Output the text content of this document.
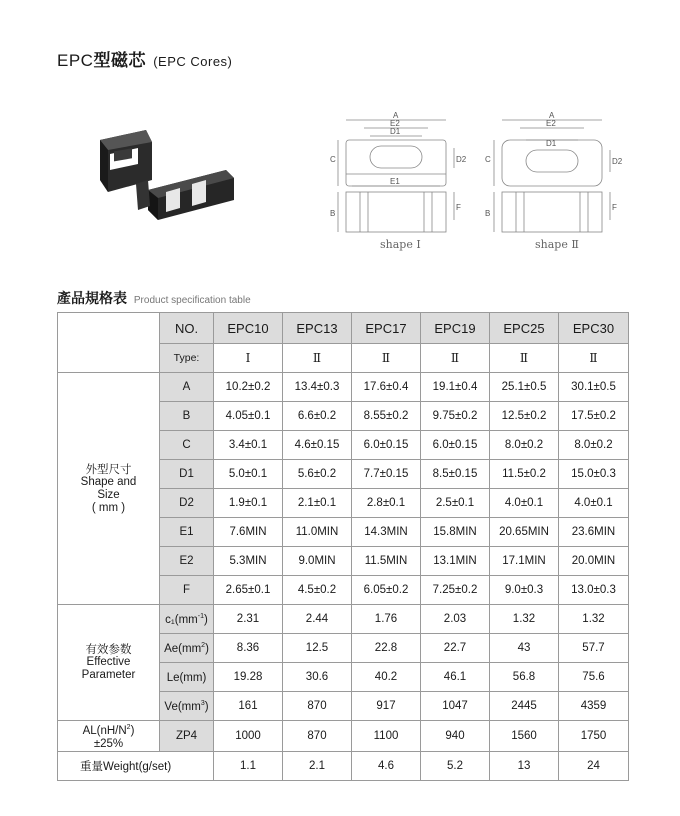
EPC型磁芯 (EPC Cores)
A
E2
D1
C	D2
E1
B
F
A
E2
D1
C	D2
B
F
shape Ⅰ	shape Ⅱ
產品規格表 Product specification table
	NO.	EPC10	EPC13	EPC17	EPC19	EPC25	EPC30
	Type:	Ⅰ	Ⅱ	Ⅱ	Ⅱ	Ⅱ	Ⅱ

外型尺寸
Shape and
Size
( mm )	A	10.2±0.2	13.4±0.3	17.6±0.4	19.1±0.4	25.1±0.5	30.1±0.5
	B	4.05±0.1	6.6±0.2	8.55±0.2	9.75±0.2	12.5±0.2	17.5±0.2
	C	3.4±0.1	4.6±0.15	6.0±0.15	6.0±0.15	8.0±0.2	8.0±0.2
	D1	5.0±0.1	5.6±0.2	7.7±0.15	8.5±0.15	11.5±0.2	15.0±0.3
	D2	1.9±0.1	2.1±0.1	2.8±0.1	2.5±0.1	4.0±0.1	4.0±0.1
	E1	7.6MIN	11.0MIN	14.3MIN	15.8MIN	20.65MIN	23.6MIN
	E2	5.3MIN	9.0MIN	11.5MIN	13.1MIN	17.1MIN	20.0MIN
	F	2.65±0.1	4.5±0.2	6.05±0.2	7.25±0.2	9.0±0.3	13.0±0.3

有效参数
Effective
Parameter	$c_1(mm^{-1})$	2.31	2.44	1.76	2.03	1.32	1.32
	$Ae(mm^2)$	8.36	12.5	22.8	22.7	43	57.7
	Le(mm)	19.28	30.6	40.2	46.1	56.8	75.6
	$Ve(mm^3)$	161	870	917	1047	2445	4359

$AL(nH/N^2)$
±25%	ZP4	1000	870	1100	940	1560	1750
重量Weight(g/set)		1.1	2.1	4.6	5.2	13	24
